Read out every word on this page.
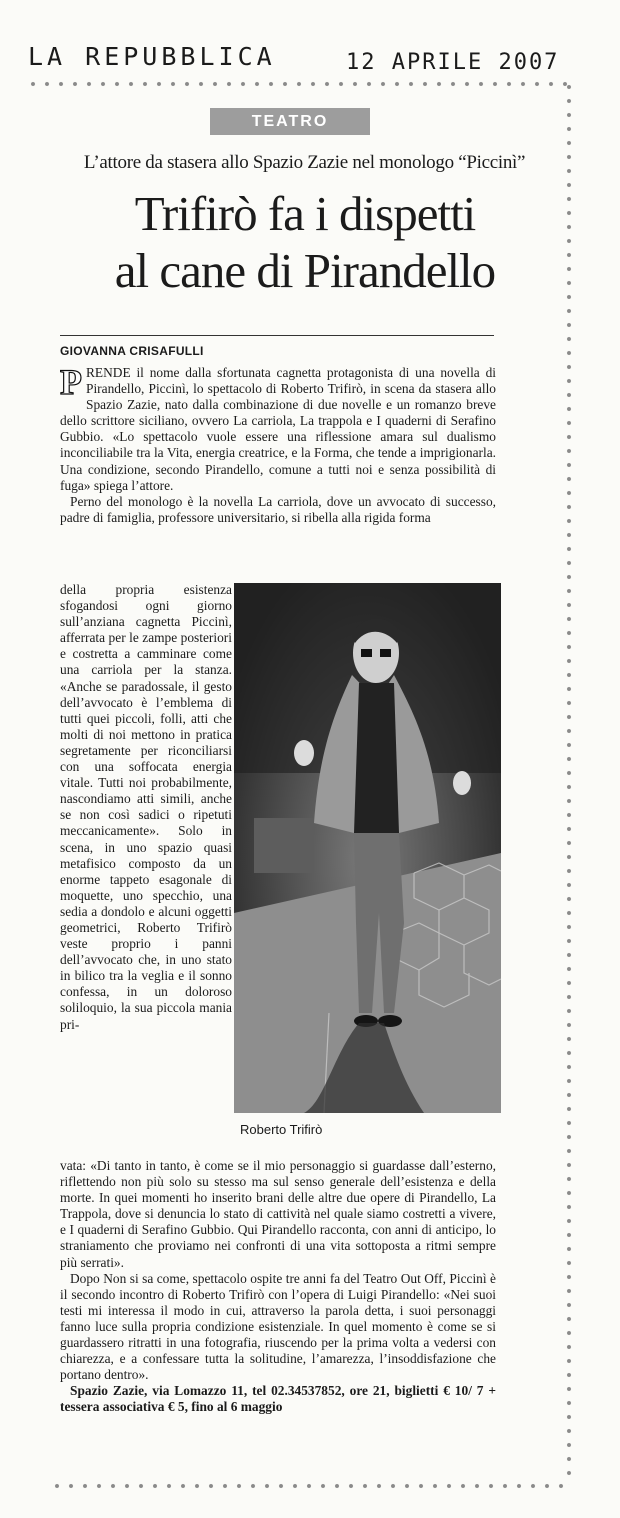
LA REPUBBLICA	12 APRILE 2007
TEATRO
L’attore da stasera allo Spazio Zazie nel monologo “Piccinì”
Trifirò fa i dispetti
al cane di Pirandello
GIOVANNA CRISAFULLI

PRENDE il nome dalla sfortunata cagnetta protagonista di una novella di Pirandello, Piccinì, lo spettacolo di Roberto Trifirò, in scena da stasera allo Spazio Zazie, nato dalla combinazione di due novelle e un romanzo breve dello scrittore siciliano, ovvero La carriola, La trappola e I quaderni di Serafino Gubbio. «Lo spettacolo vuole essere una riflessione amara sul dualismo inconciliabile tra la Vita, energia creatrice, e la Forma, che tende a imprigionarla. Una condizione, secondo Pirandello, comune a tutti noi e senza possibilità di fuga» spiega l’attore.

Perno del monologo è la novella La carriola, dove un avvocato di successo, padre di famiglia, professore universitario, si ribella alla rigida forma

della propria esistenza sfogandosi ogni giorno sull’anziana cagnetta Piccinì, afferrata per le zampe posteriori e costretta a camminare come una carriola per la stanza. «Anche se paradossale, il gesto dell’avvocato è l’emblema di tutti quei piccoli, folli, atti che molti di noi mettono in pratica segretamente per riconciliarsi con una soffocata energia vitale. Tutti noi probabilmente, nascondiamo atti simili, anche se non così sadici o ripetuti meccanicamente». Solo in scena, in uno spazio quasi metafisico composto da un enorme tappeto esagonale di moquette, uno specchio, una sedia a dondolo e alcuni oggetti geometrici, Roberto Trifirò veste proprio i panni dell’avvocato che, in uno stato in bilico tra la veglia e il sonno confessa, in un doloroso soliloquio, la sua piccola mania pri-

Roberto Trifirò

vata: «Di tanto in tanto, è come se il mio personaggio si guardasse dall’esterno, riflettendo non più solo su stesso ma sul senso generale dell’esistenza e della morte. In quei momenti ho inserito brani delle altre due opere di Pirandello, La Trappola, dove si denuncia lo stato di cattività nel quale siamo costretti a vivere, e I quaderni di Serafino Gubbio. Qui Pirandello racconta, con anni di anticipo, lo straniamento che proviamo nei confronti di una vita sottoposta a ritmi sempre più serrati».

Dopo Non si sa come, spettacolo ospite tre anni fa del Teatro Out Off, Piccinì è il secondo incontro di Roberto Trifirò con l’opera di Luigi Pirandello: «Nei suoi testi mi interessa il modo in cui, attraverso la parola detta, i suoi personaggi fanno luce sulla propria condizione esistenziale. In quel momento è come se si guardassero ritratti in una fotografia, riuscendo per la prima volta a vedersi con chiarezza, e a confessare tutta la solitudine, l’amarezza, l’insoddisfazione che portano dentro».

Spazio Zazie, via Lomazzo 11, tel 02.34537852, ore 21, biglietti € 10/ 7 + tessera associativa € 5, fino al 6 maggio
